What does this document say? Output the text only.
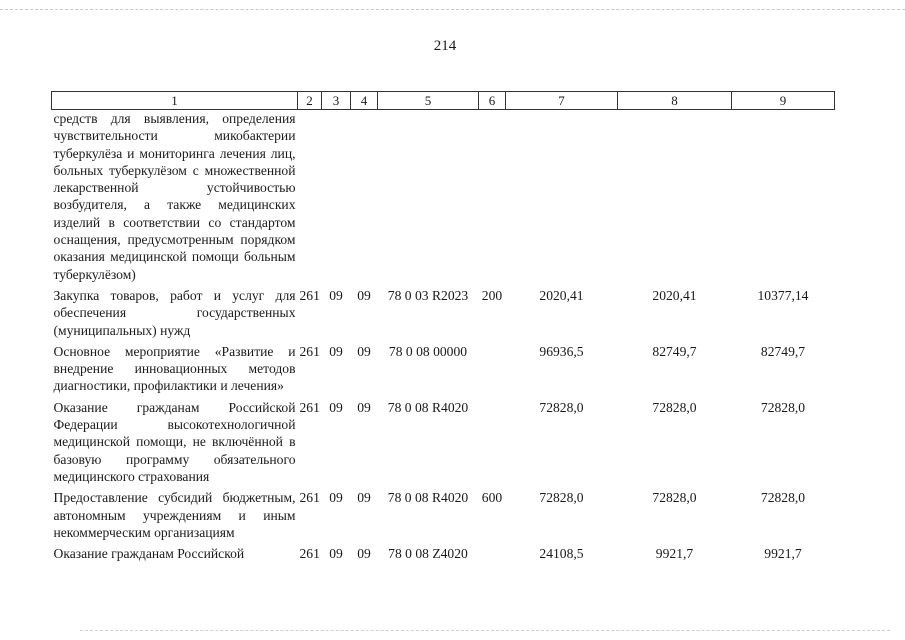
214
1	2	3	4	5	6	7	8	9
средств для выявления, определения чувствительности микобактерии туберкулёза и мониторинга лечения лиц, больных туберкулёзом с множественной лекарственной устойчивостью возбудителя, а также медицинских изделий в соответствии со стандартом оснащения, предусмотренным порядком оказания медицинской помощи больным туберкулёзом)								
Закупка товаров, работ и услуг для обеспечения государственных (муниципальных) нужд	261	09	09	78 0 03 R2023	200	2020,41	2020,41	10377,14
Основное мероприятие «Развитие и внедрение инновационных методов диагностики, профилактики и лечения»	261	09	09	78 0 08 00000		96936,5	82749,7	82749,7
Оказание гражданам Российской Федерации высокотехнологичной медицинской помощи, не включённой в базовую программу обязательного медицинского страхования	261	09	09	78 0 08 R4020		72828,0	72828,0	72828,0
Предоставление субсидий бюджетным, автономным учреждениям и иным некоммерческим организациям	261	09	09	78 0 08 R4020	600	72828,0	72828,0	72828,0
Оказание гражданам Российской	261	09	09	78 0 08 Z4020		24108,5	9921,7	9921,7
